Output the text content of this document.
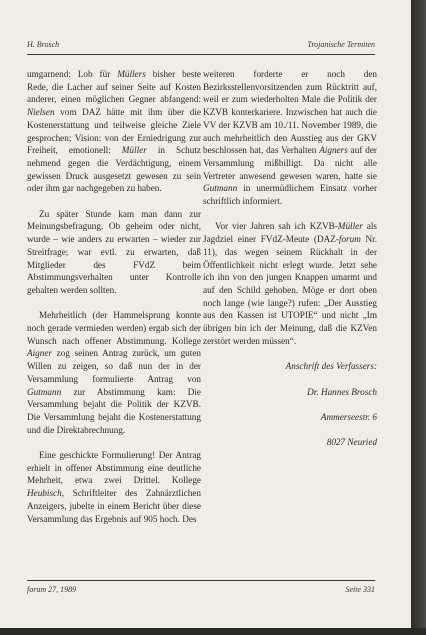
H. Brosch	Trojanische Termiten

umgarnend: Lob für Müllers bisher beste Rede, die Lacher auf seiner Seite auf Kosten anderer, einen möglichen Gegner abfangend: Nielsen vom DAZ hätte mit ihm über die Kostenerstattung und teilweise gleiche Ziele gesprochen; Vision: von der Erniedrigung zur Freiheit, emotionell: Müller in Schutz nehmend gegen die Verdächtigung, einem gewissen Druck ausgesetzt gewesen zu sein oder ihm gar nachgegeben zu haben.

Zu später Stunde kam man dann zur Meinungsbefragung. Ob geheim oder nicht, wurde – wie anders zu erwarten – wieder zur Streitfrage; war evtl. zu erwarten, daß Mitglieder des FVdZ beim Abstimmungsverhalten unter Kontrolle gehalten werden sollten.

Mehrheitlich (der Hammelsprung konnte noch gerade vermieden werden) ergab sich der Wunsch nach offener Abstimmung. Kollege Aigner zog seinen Antrag zurück, um guten Willen zu zeigen, so daß nun der in der Versammlung formulierte Antrag von Gutmann zur Abstimmung kam: Die Versammlung bejaht die Politik der KZVB. Die Versammlung bejaht die Kostenerstattung und die Direktabrechnung.

Eine geschickte Formulierung! Der Antrag erhielt in offener Abstimmung eine deutliche Mehrheit, etwa zwei Drittel. Kollege Heubisch, Schriftleiter des Zahnärztlichen Anzeigers, jubelte in einem Bericht über diese Versammlung das Ergebnis auf 905 hoch. Des

weiteren forderte er noch den Bezirksstellenvorsitzenden zum Rücktritt auf, weil er zum wiederholten Male die Politik der KZVB konterkariere. Inzwischen hat auch die VV der KZVB am 10./11. November 1989, die auch mehrheitlich den Ausstieg aus der GKV beschlossen hat, das Verhalten Aigners auf der Versammlung mißbilligt. Da nicht alle Vertreter anwesend gewesen waren, hatte sie Gutmann in unermüdlichem Einsatz vorher schriftlich informiert.

Vor vier Jahren sah ich KZVB-Müller als Jagdziel einer FVdZ-Meute (DAZ-forum Nr. 11), das wegen seinem Rückhalt in der Öffentlichkeit nicht erlegt wurde. Jetzt sehe ich ihn von den jungen Knappen umarmt und auf den Schild gehoben. Möge er dort oben noch lange (wie lange?) rufen: „Der Ausstieg aus den Kassen ist UTOPIE“ und nicht „Im übrigen bin ich der Meinung, daß die KZVen zerstört werden müssen“.

Anschrift des Verfassers:

Dr. Hannes Brosch

Ammerseestr. 6

8027 Neuried

forum 27, 1989	Seite 331
